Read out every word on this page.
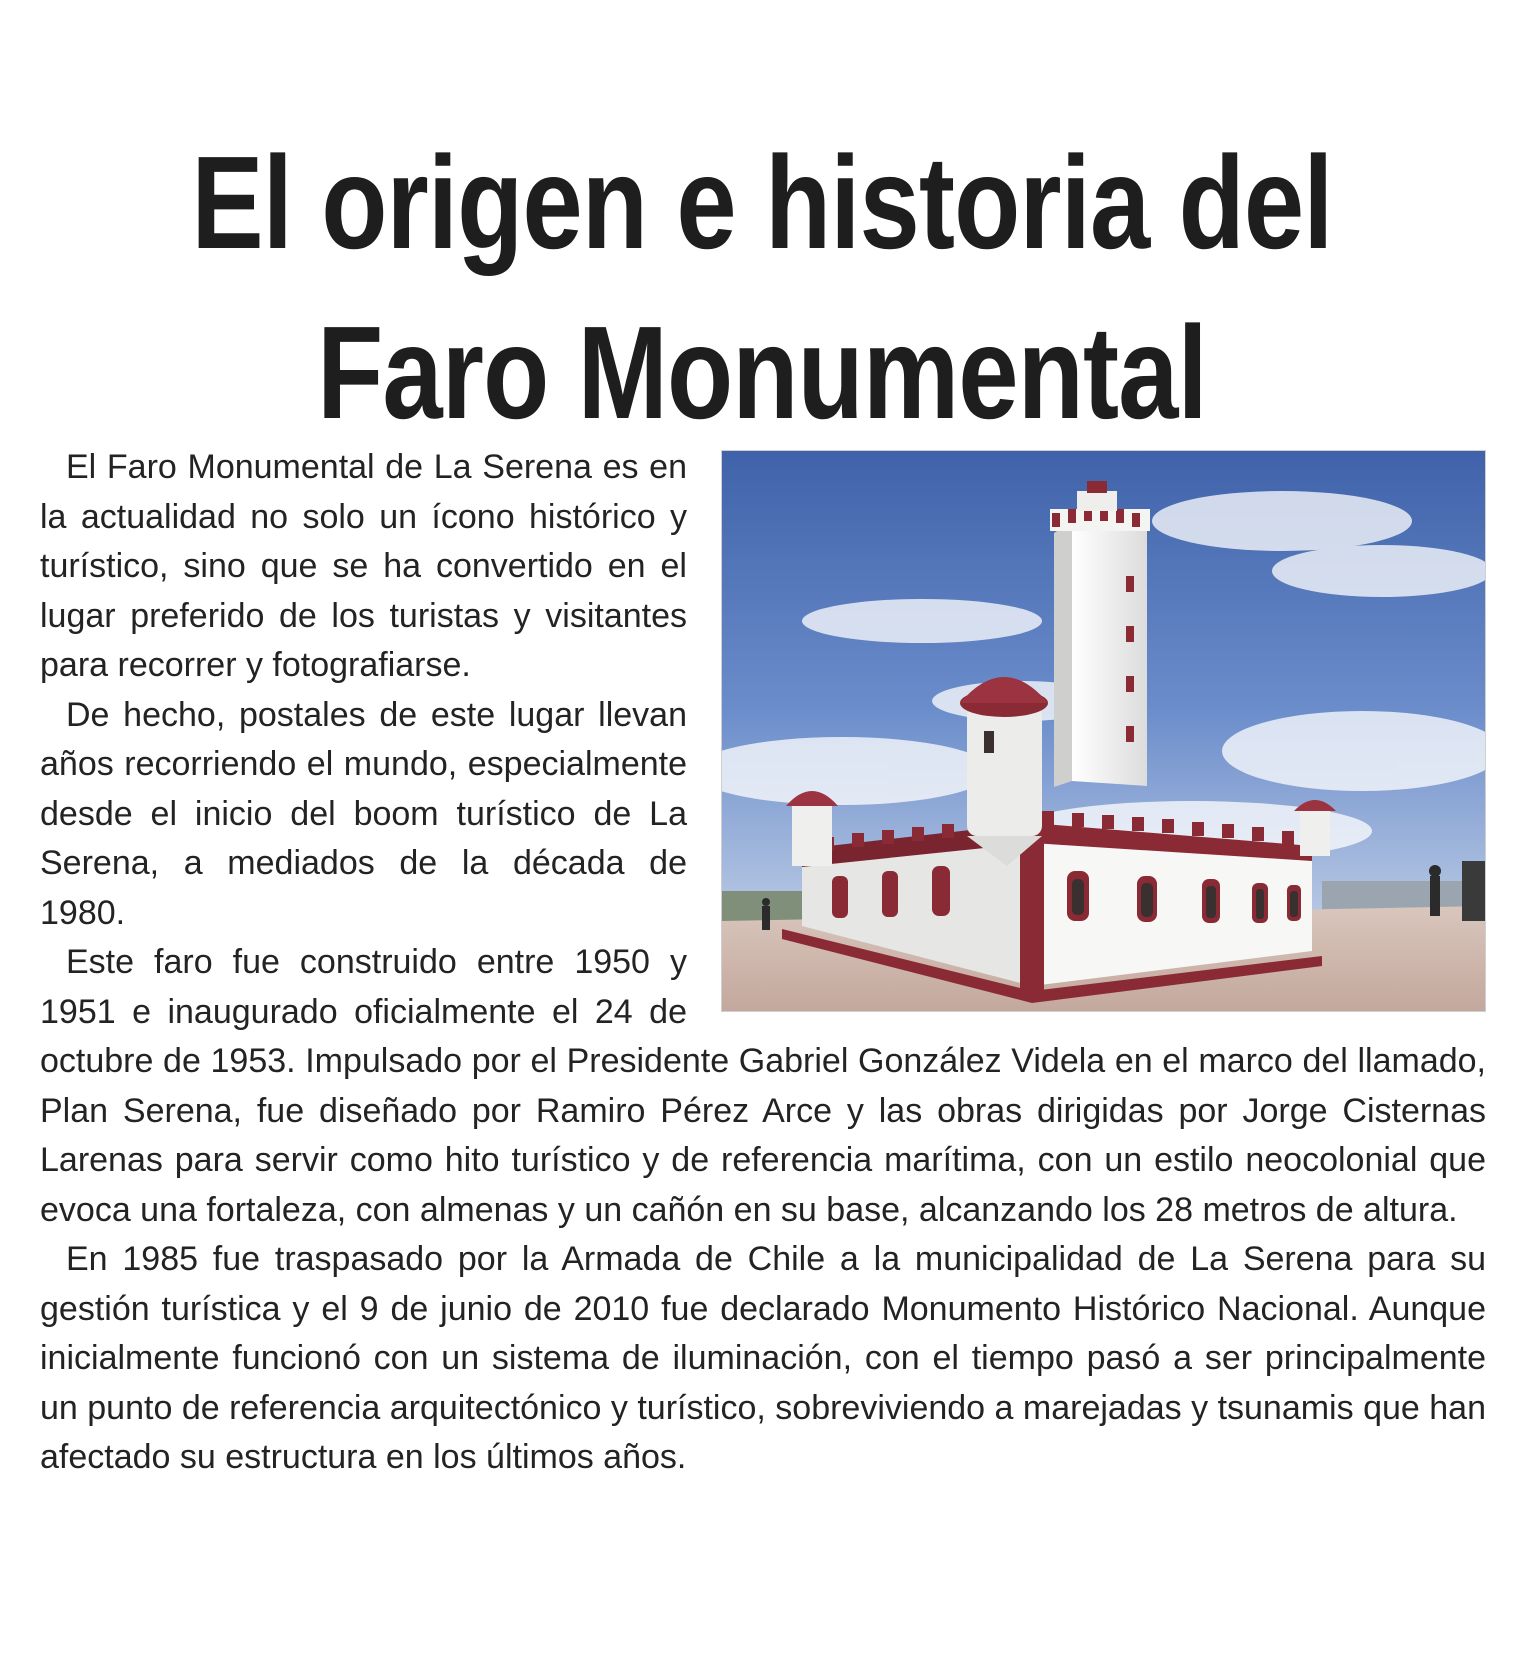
El origen e historia del
Faro Monumental

El Faro Monumental de La Serena es en la actualidad no solo un ícono histórico y turístico, sino que se ha convertido en el lugar preferido de los turistas y visitantes para recorrer y fotografiarse.

De hecho, postales de este lugar llevan años recorriendo el mundo, especialmente desde el inicio del boom turístico de La Serena, a mediados de la década de 1980.

Este faro fue construido entre 1950 y 1951 e inaugurado oficialmente el 24 de octubre de 1953. Impulsado por el Presidente Gabriel González Videla en el marco del llamado, Plan Serena, fue diseñado por Ramiro Pérez Arce y las obras dirigidas por Jorge Cisternas Larenas para servir como hito turístico y de referencia marítima, con un estilo neocolonial que evoca una fortaleza, con almenas y un cañón en su base, alcanzando los 28 metros de altura.

En 1985 fue traspasado por la Armada de Chile a la municipalidad de La Serena para su gestión turística y el 9 de junio de 2010 fue declarado Monumento Histórico Nacional. Aunque inicialmente funcionó con un sistema de iluminación, con el tiempo pasó a ser principalmente un punto de referencia arquitectónico y turístico, sobreviviendo a marejadas y tsunamis que han afectado su estructura en los últimos años.
